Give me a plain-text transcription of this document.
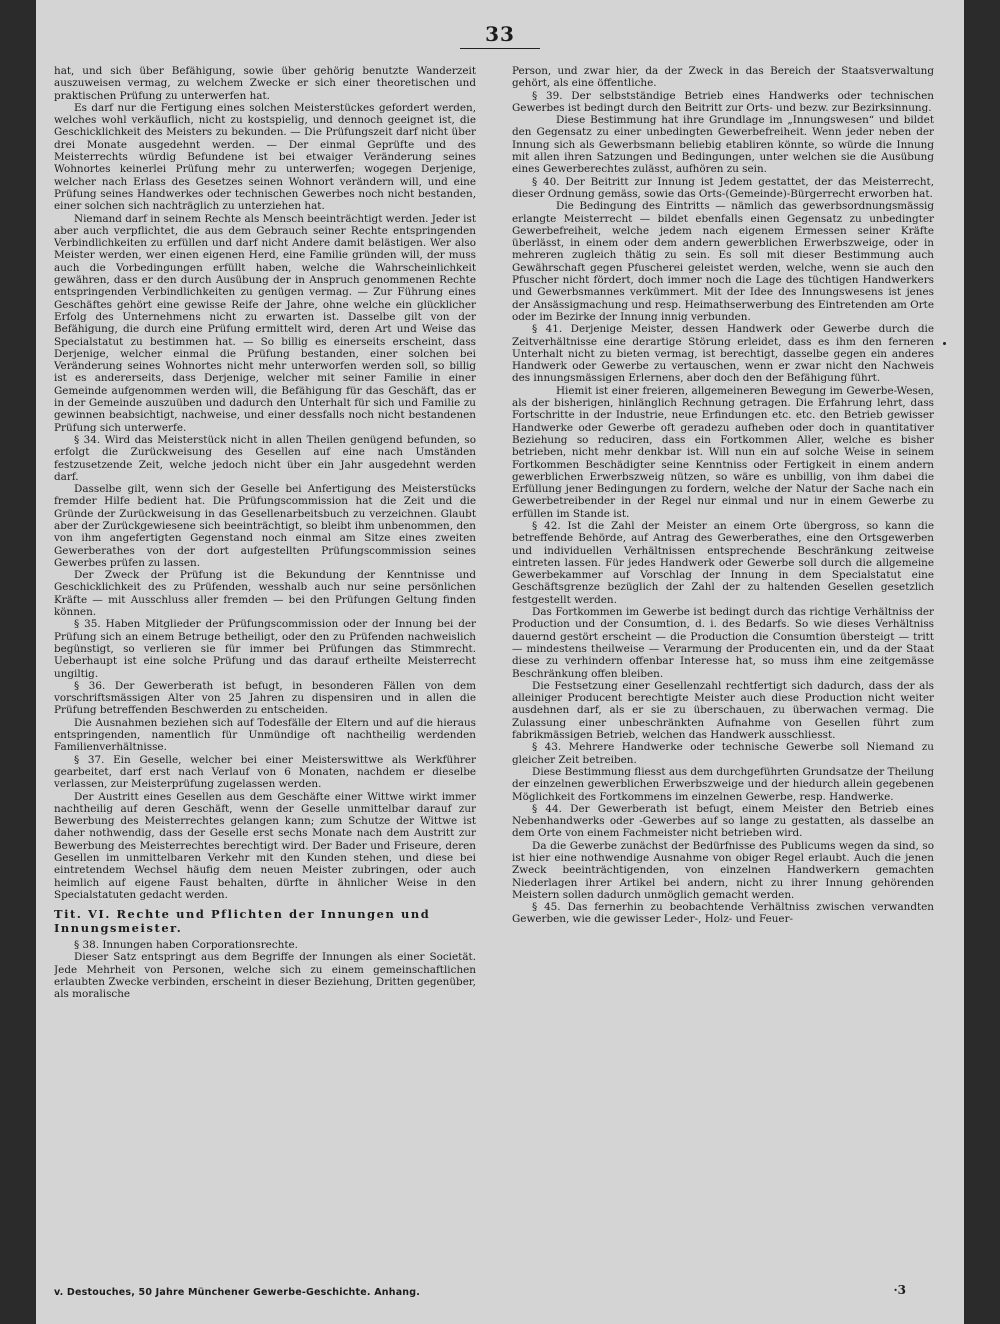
33

hat, und sich über Befähigung, sowie über gehörig benutzte Wanderzeit auszuweisen vermag, zu welchem Zwecke er sich einer theoretischen und praktischen Prüfung zu unterwerfen hat.

Es darf nur die Fertigung eines solchen Meisterstückes gefordert werden, welches wohl verkäuflich, nicht zu kostspielig, und dennoch geeignet ist, die Geschicklichkeit des Meisters zu bekunden. — Die Prüfungszeit darf nicht über drei Monate ausgedehnt werden. — Der einmal Geprüfte und des Meisterrechts würdig Befundene ist bei etwaiger Veränderung seines Wohnortes keinerlei Prüfung mehr zu unterwerfen; wogegen Derjenige, welcher nach Erlass des Gesetzes seinen Wohnort verändern will, und eine Prüfung seines Handwerkes oder technischen Gewerbes noch nicht bestanden, einer solchen sich nachträglich zu unterziehen hat.

Niemand darf in seinem Rechte als Mensch beeinträchtigt werden. Jeder ist aber auch verpflichtet, die aus dem Gebrauch seiner Rechte entspringenden Verbindlichkeiten zu erfüllen und darf nicht Andere damit belästigen. Wer also Meister werden, wer einen eigenen Herd, eine Familie gründen will, der muss auch die Vorbedingungen erfüllt haben, welche die Wahrscheinlichkeit gewähren, dass er den durch Ausübung der in Anspruch genommenen Rechte entspringenden Verbindlichkeiten zu genügen vermag. — Zur Führung eines Geschäftes gehört eine gewisse Reife der Jahre, ohne welche ein glücklicher Erfolg des Unternehmens nicht zu erwarten ist. Dasselbe gilt von der Befähigung, die durch eine Prüfung ermittelt wird, deren Art und Weise das Specialstatut zu bestimmen hat. — So billig es einerseits erscheint, dass Derjenige, welcher einmal die Prüfung bestanden, einer solchen bei Veränderung seines Wohnortes nicht mehr unterworfen werden soll, so billig ist es andererseits, dass Derjenige, welcher mit seiner Familie in einer Gemeinde aufgenommen werden will, die Befähigung für das Geschäft, das er in der Gemeinde auszuüben und dadurch den Unterhalt für sich und Familie zu gewinnen beabsichtigt, nachweise, und einer dessfalls noch nicht bestandenen Prüfung sich unterwerfe.

§ 34. Wird das Meisterstück nicht in allen Theilen genügend befunden, so erfolgt die Zurückweisung des Gesellen auf eine nach Umständen festzusetzende Zeit, welche jedoch nicht über ein Jahr ausgedehnt werden darf.

Dasselbe gilt, wenn sich der Geselle bei Anfertigung des Meisterstücks fremder Hilfe bedient hat. Die Prüfungscommission hat die Zeit und die Gründe der Zurückweisung in das Gesellenarbeitsbuch zu verzeichnen. Glaubt aber der Zurückgewiesene sich beeinträchtigt, so bleibt ihm unbenommen, den von ihm angefertigten Gegenstand noch einmal am Sitze eines zweiten Gewerberathes von der dort aufgestellten Prüfungscommission seines Gewerbes prüfen zu lassen.

Der Zweck der Prüfung ist die Bekundung der Kenntnisse und Geschicklichkeit des zu Prüfenden, wesshalb auch nur seine persönlichen Kräfte — mit Ausschluss aller fremden — bei den Prüfungen Geltung finden können.

§ 35. Haben Mitglieder der Prüfungscommission oder der Innung bei der Prüfung sich an einem Betruge betheiligt, oder den zu Prüfenden nachweislich begünstigt, so verlieren sie für immer bei Prüfungen das Stimmrecht. Ueberhaupt ist eine solche Prüfung und das darauf ertheilte Meisterrecht ungiltig.

§ 36. Der Gewerberath ist befugt, in besonderen Fällen von dem vorschriftsmässigen Alter von 25 Jahren zu dispensiren und in allen die Prüfung betreffenden Beschwerden zu entscheiden.

Die Ausnahmen beziehen sich auf Todesfälle der Eltern und auf die hieraus entspringenden, namentlich für Unmündige oft nachtheilig werdenden Familienverhältnisse.

§ 37. Ein Geselle, welcher bei einer Meisterswittwe als Werkführer gearbeitet, darf erst nach Verlauf von 6 Monaten, nachdem er dieselbe verlassen, zur Meisterprüfung zugelassen werden.

Der Austritt eines Gesellen aus dem Geschäfte einer Wittwe wirkt immer nachtheilig auf deren Geschäft, wenn der Geselle unmittelbar darauf zur Bewerbung des Meisterrechtes gelangen kann; zum Schutze der Wittwe ist daher nothwendig, dass der Geselle erst sechs Monate nach dem Austritt zur Bewerbung des Meisterrechtes berechtigt wird. Der Bader und Friseure, deren Gesellen im unmittelbaren Verkehr mit den Kunden stehen, und diese bei eintretendem Wechsel häufig dem neuen Meister zubringen, oder auch heimlich auf eigene Faust behalten, dürfte in ähnlicher Weise in den Specialstatuten gedacht werden.

Tit. VI. Rechte und Pflichten der Innungen und Innungsmeister.

§ 38. Innungen haben Corporationsrechte.

Dieser Satz entspringt aus dem Begriffe der Innungen als einer Societät. Jede Mehrheit von Personen, welche sich zu einem gemeinschaftlichen erlaubten Zwecke verbinden, erscheint in dieser Beziehung, Dritten gegenüber, als moralische

Person, und zwar hier, da der Zweck in das Bereich der Staatsverwaltung gehört, als eine öffentliche.

§ 39. Der selbstständige Betrieb eines Handwerks oder technischen Gewerbes ist bedingt durch den Beitritt zur Orts- und bezw. zur Bezirksinnung.

Diese Bestimmung hat ihre Grundlage im „Innungswesen“ und bildet den Gegensatz zu einer unbedingten Gewerbefreiheit. Wenn jeder neben der Innung sich als Gewerbsmann beliebig etabliren könnte, so würde die Innung mit allen ihren Satzungen und Bedingungen, unter welchen sie die Ausübung eines Gewerberechtes zulässt, aufhören zu sein.

§ 40. Der Beitritt zur Innung ist Jedem gestattet, der das Meisterrecht, dieser Ordnung gemäss, sowie das Orts-(Gemeinde)-Bürgerrecht erworben hat.

Die Bedingung des Eintritts — nämlich das gewerbsordnungsmässig erlangte Meisterrecht — bildet ebenfalls einen Gegensatz zu unbedingter Gewerbefreiheit, welche jedem nach eigenem Ermessen seiner Kräfte überlässt, in einem oder dem andern gewerblichen Erwerbszweige, oder in mehreren zugleich thätig zu sein. Es soll mit dieser Bestimmung auch Gewährschaft gegen Pfuscherei geleistet werden, welche, wenn sie auch den Pfuscher nicht fördert, doch immer noch die Lage des tüchtigen Handwerkers und Gewerbsmannes verkümmert. Mit der Idee des Innungswesens ist jenes der Ansässigmachung und resp. Heimathserwerbung des Eintretenden am Orte oder im Bezirke der Innung innig verbunden.

§ 41. Derjenige Meister, dessen Handwerk oder Gewerbe durch die Zeitverhältnisse eine derartige Störung erleidet, dass es ihm den ferneren Unterhalt nicht zu bieten vermag, ist berechtigt, dasselbe gegen ein anderes Handwerk oder Gewerbe zu vertauschen, wenn er zwar nicht den Nachweis des innungsmässigen Erlernens, aber doch den der Befähigung führt.

Hiemit ist einer freieren, allgemeineren Bewegung im Gewerbe-Wesen, als der bisherigen, hinlänglich Rechnung getragen. Die Erfahrung lehrt, dass Fortschritte in der Industrie, neue Erfindungen etc. etc. den Betrieb gewisser Handwerke oder Gewerbe oft geradezu aufheben oder doch in quantitativer Beziehung so reduciren, dass ein Fortkommen Aller, welche es bisher betrieben, nicht mehr denkbar ist. Will nun ein auf solche Weise in seinem Fortkommen Beschädigter seine Kenntniss oder Fertigkeit in einem andern gewerblichen Erwerbszweig nützen, so wäre es unbillig, von ihm dabei die Erfüllung jener Bedingungen zu fordern, welche der Natur der Sache nach ein Gewerbetreibender in der Regel nur einmal und nur in einem Gewerbe zu erfüllen im Stande ist.

§ 42. Ist die Zahl der Meister an einem Orte übergross, so kann die betreffende Behörde, auf Antrag des Gewerberathes, eine den Ortsgewerben und individuellen Verhältnissen entsprechende Beschränkung zeitweise eintreten lassen. Für jedes Handwerk oder Gewerbe soll durch die allgemeine Gewerbekammer auf Vorschlag der Innung in dem Specialstatut eine Geschäftsgrenze bezüglich der Zahl der zu haltenden Gesellen gesetzlich festgestellt werden.

Das Fortkommen im Gewerbe ist bedingt durch das richtige Verhältniss der Production und der Consumtion, d. i. des Bedarfs. So wie dieses Verhältniss dauernd gestört erscheint — die Production die Consumtion übersteigt — tritt — mindestens theilweise — Verarmung der Producenten ein, und da der Staat diese zu verhindern offenbar Interesse hat, so muss ihm eine zeitgemässe Beschränkung offen bleiben.

Die Festsetzung einer Gesellenzahl rechtfertigt sich dadurch, dass der als alleiniger Producent berechtigte Meister auch diese Production nicht weiter ausdehnen darf, als er sie zu überschauen, zu überwachen vermag. Die Zulassung einer unbeschränkten Aufnahme von Gesellen führt zum fabrikmässigen Betrieb, welchen das Handwerk ausschliesst.

§ 43. Mehrere Handwerke oder technische Gewerbe soll Niemand zu gleicher Zeit betreiben.

Diese Bestimmung fliesst aus dem durchgeführten Grundsatze der Theilung der einzelnen gewerblichen Erwerbszweige und der hiedurch allein gegebenen Möglichkeit des Fortkommens im einzelnen Gewerbe, resp. Handwerke.

§ 44. Der Gewerberath ist befugt, einem Meister den Betrieb eines Nebenhandwerks oder -Gewerbes auf so lange zu gestatten, als dasselbe an dem Orte von einem Fachmeister nicht betrieben wird.

Da die Gewerbe zunächst der Bedürfnisse des Publicums wegen da sind, so ist hier eine nothwendige Ausnahme von obiger Regel erlaubt. Auch die jenen Zweck beeinträchtigenden, von einzelnen Handwerkern gemachten Niederlagen ihrer Artikel bei andern, nicht zu ihrer Innung gehörenden Meistern sollen dadurch unmöglich gemacht werden.

§ 45. Das fernerhin zu beobachtende Verhältniss zwischen verwandten Gewerben, wie die gewisser Leder-, Holz- und Feuer-

v. Destouches, 50 Jahre Münchener Gewerbe-Geschichte. Anhang.	·3
